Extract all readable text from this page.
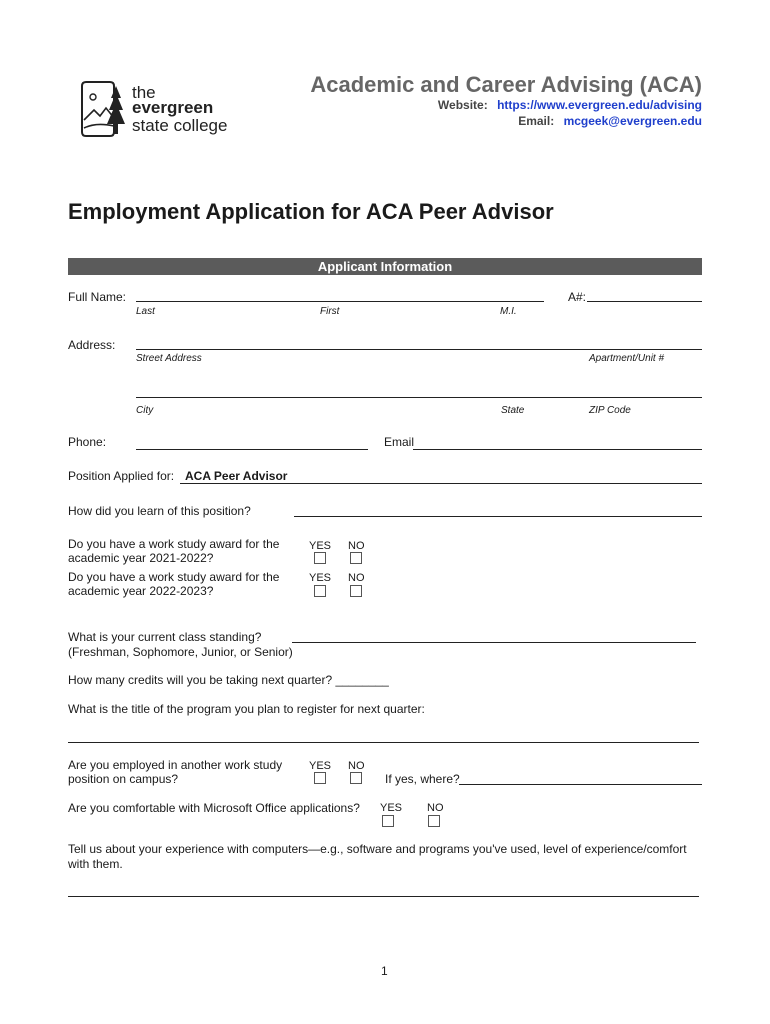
the
evergreen
state college
Academic and Career Advising (ACA)
Website: https://www.evergreen.edu/advising
Email: mcgeek@evergreen.edu
Employment Application for ACA Peer Advisor
Applicant Information
Full Name:	A#:
Last	First	M.I.
Address:
Street Address	Apartment/Unit #
City	State	ZIP Code
Phone:	Email
Position Applied for: ACA Peer Advisor
How did you learn of this position?
Do you have a work study award for the
academic year 2021-2022?
YES NO
Do you have a work study award for the
academic year 2022-2023?
YES NO
What is your current class standing?
(Freshman, Sophomore, Junior, or Senior)
How many credits will you be taking next quarter? ________
What is the title of the program you plan to register for next quarter:
Are you employed in another work study
position on campus?
YES NO
If yes, where?
Are you comfortable with Microsoft Office applications? YES NO
Tell us about your experience with computers—e.g., software and programs you've used, level of experience/comfort
with them.
1
